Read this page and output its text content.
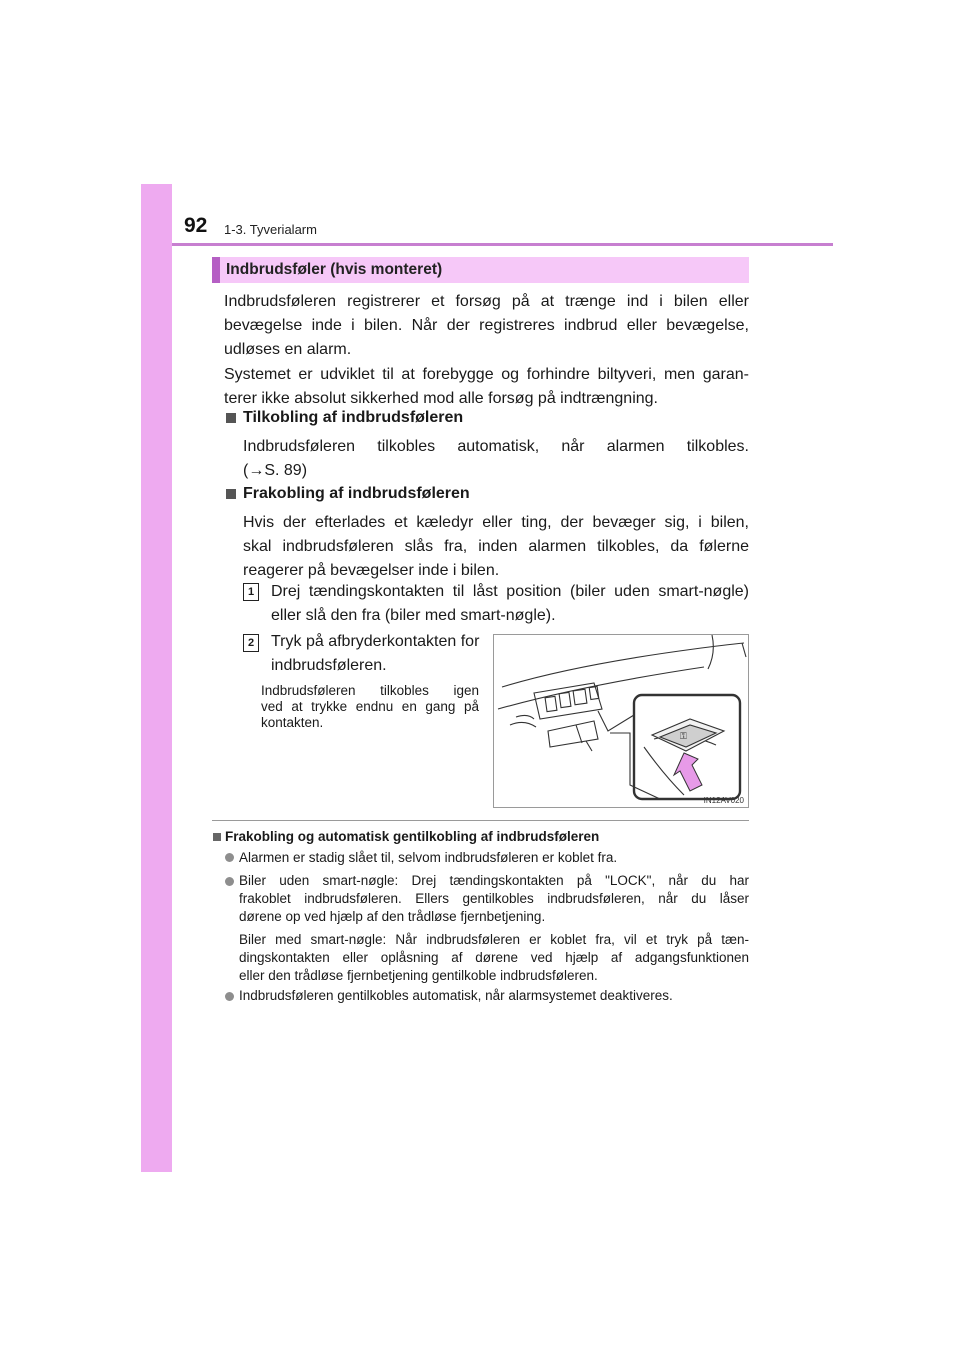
92 1-3. Tyverialarm
Indbrudsføler (hvis monteret)

Indbrudsføleren registrerer et forsøg på at trænge ind i bilen eller

bevægelse inde i bilen. Når der registreres indbrud eller bevægelse,

udløses en alarm.

Systemet er udviklet til at forebygge og forhindre biltyveri, men garan-

terer ikke absolut sikkerhed mod alle forsøg på indtrængning.

Tilkobling af indbrudsføleren

Indbrudsføleren tilkobles automatisk, når alarmen tilkobles.

(→S. 89)

Frakobling af indbrudsføleren

Hvis der efterlades et kæledyr eller ting, der bevæger sig, i bilen,

skal indbrudsføleren slås fra, inden alarmen tilkobles, da følerne

reagerer på bevægelser inde i bilen.

1	Drej tændingskontakten til låst position (biler uden smart-nøgle)

eller slå den fra (biler med smart-nøgle).

2	Tryk på afbryderkontakten for

indbrudsføleren.

Indbrudsføleren tilkobles igen

ved at trykke endnu en gang på

kontakten.

⚿
IN12AV020
Frakobling og automatisk gentilkobling af indbrudsføleren

Alarmen er stadig slået til, selvom indbrudsføleren er koblet fra.

Biler uden smart-nøgle: Drej tændingskontakten på "LOCK", når du har

frakoblet indbrudsføleren. Ellers gentilkobles indbrudsføleren, når du låser

dørene op ved hjælp af den trådløse fjernbetjening.

Biler med smart-nøgle: Når indbrudsføleren er koblet fra, vil et tryk på tæn-

dingskontakten eller oplåsning af dørene ved hjælp af adgangsfunktionen

eller den trådløse fjernbetjening gentilkoble indbrudsføleren.

Indbrudsføleren gentilkobles automatisk, når alarmsystemet deaktiveres.
